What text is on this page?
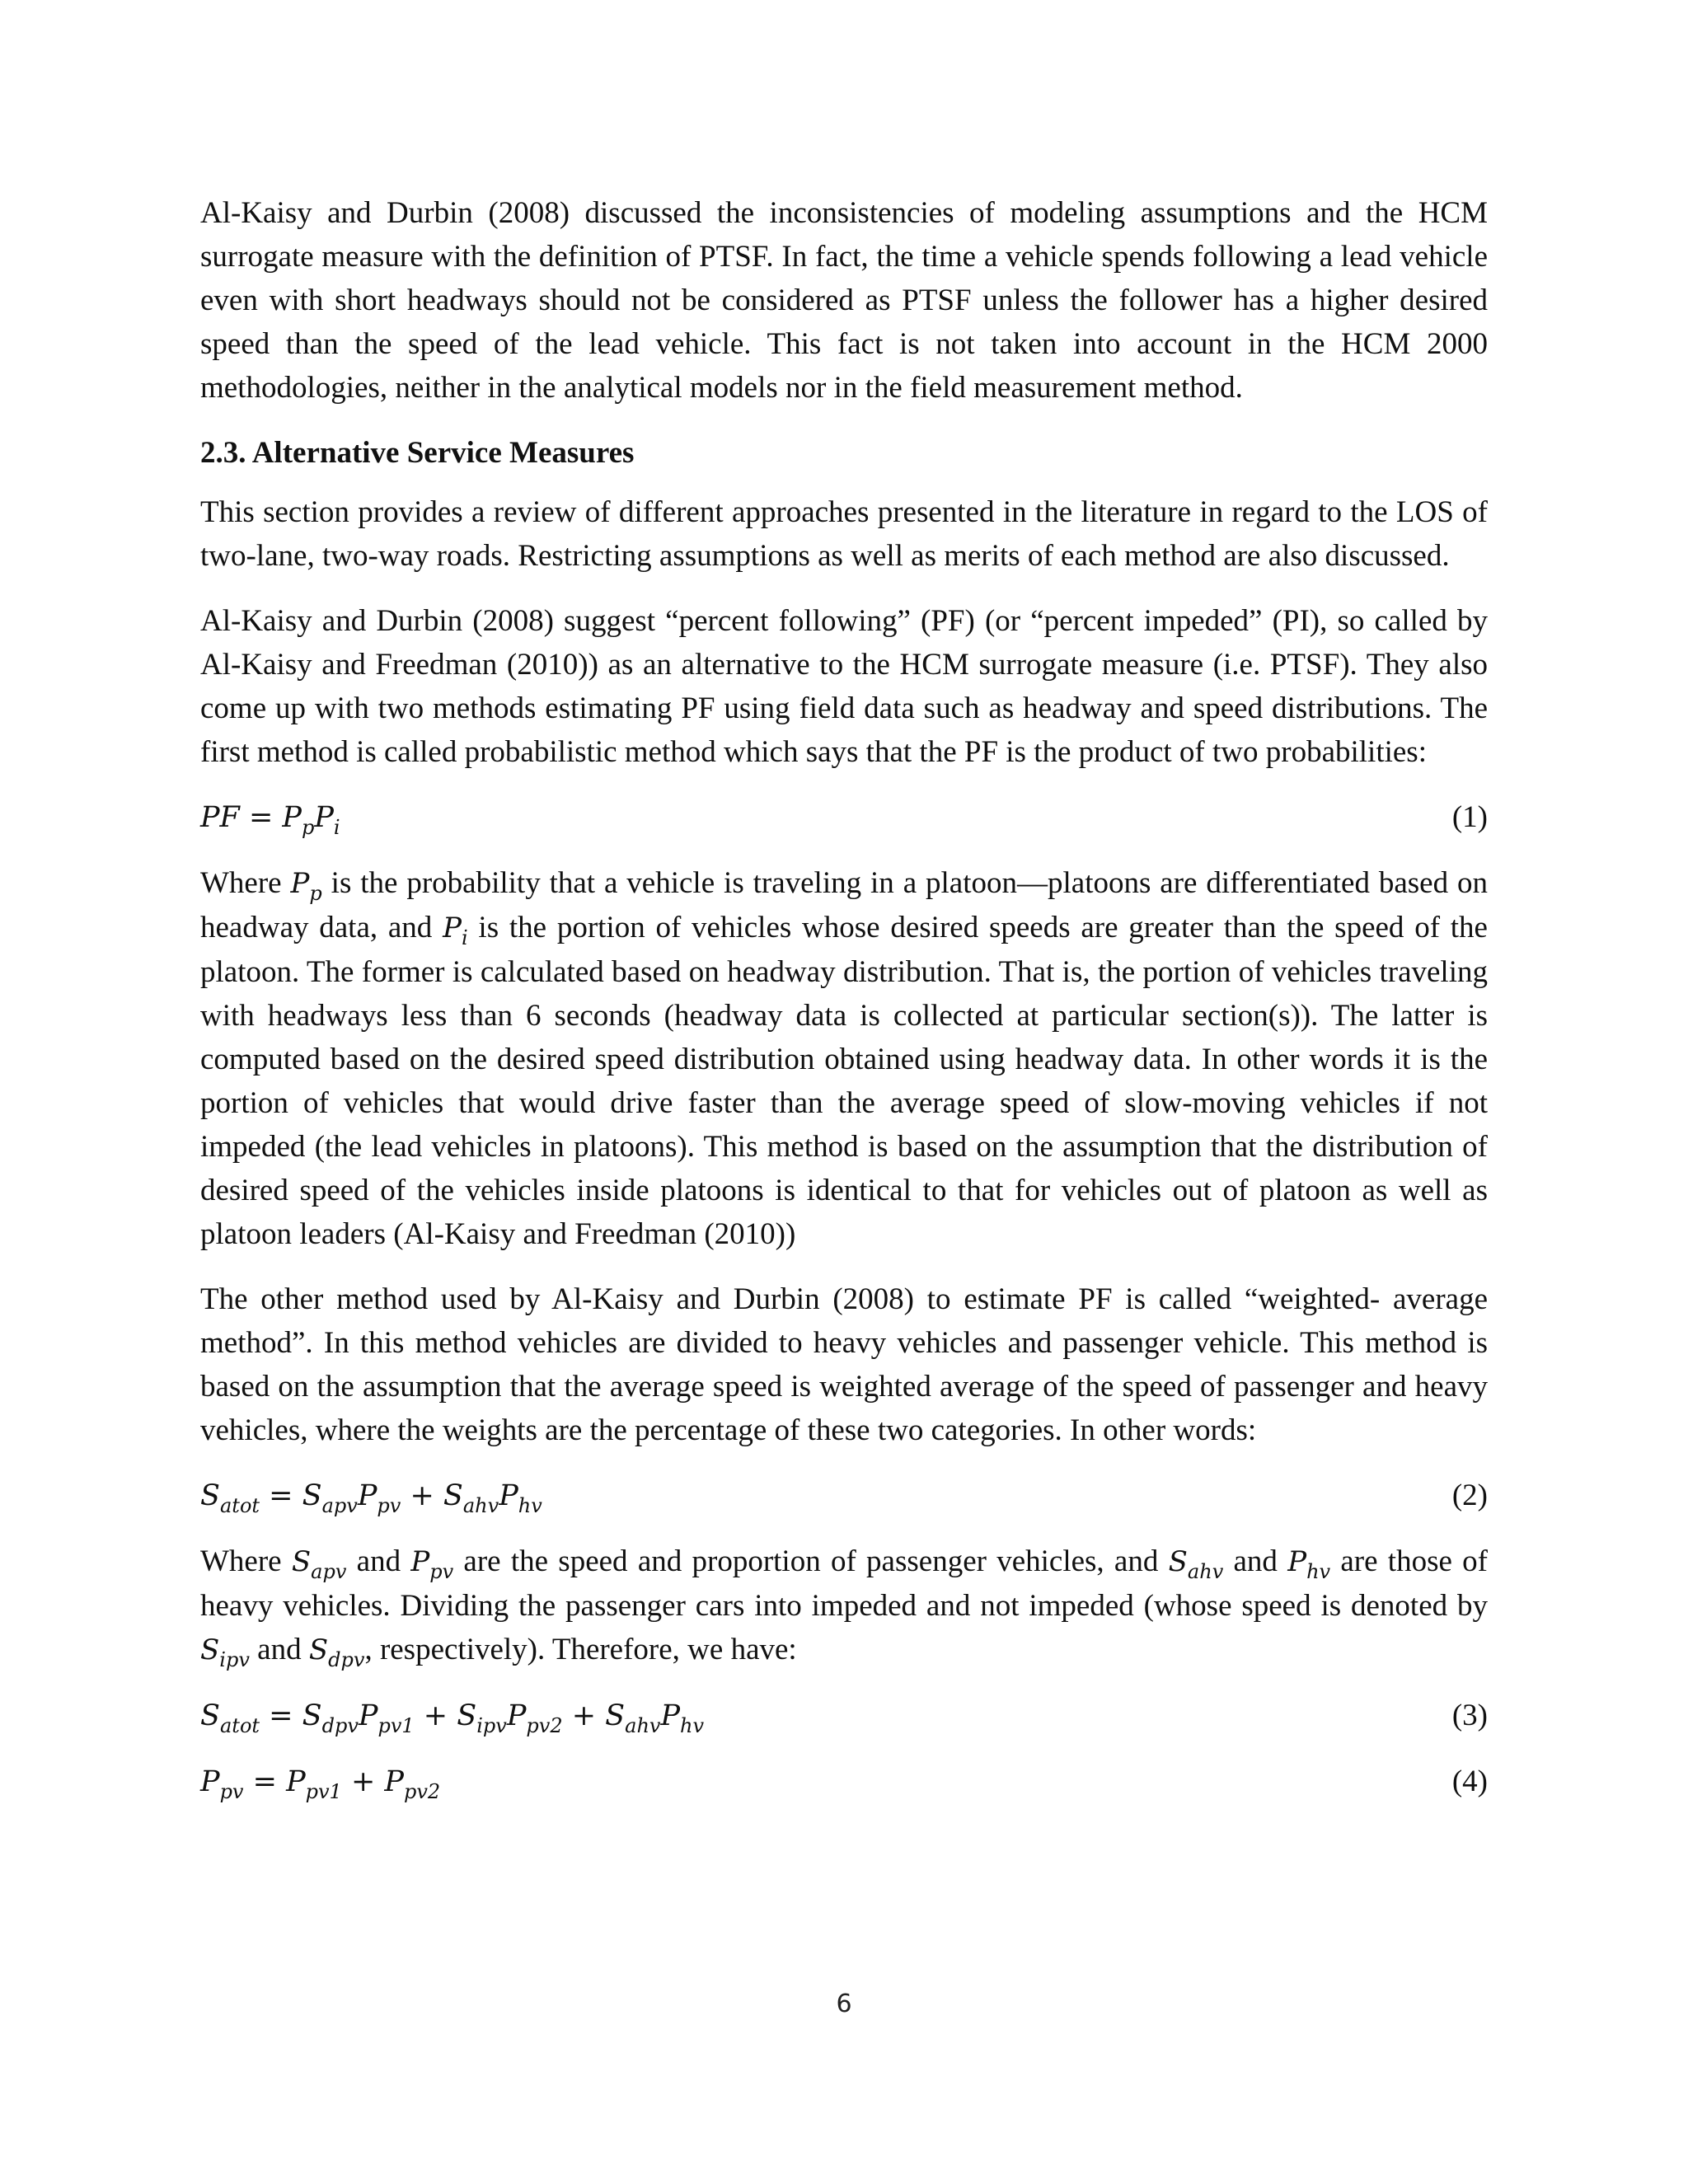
Al-Kaisy and Durbin (2008) discussed the inconsistencies of modeling assumptions and the HCM surrogate measure with the definition of PTSF. In fact, the time a vehicle spends following a lead vehicle even with short headways should not be considered as PTSF unless the follower has a higher desired speed than the speed of the lead vehicle. This fact is not taken into account in the HCM 2000 methodologies, neither in the analytical models nor in the field measurement method.

2.3. Alternative Service Measures

This section provides a review of different approaches presented in the literature in regard to the LOS of two-lane, two-way roads. Restricting assumptions as well as merits of each method are also discussed.

Al-Kaisy and Durbin (2008) suggest “percent following” (PF) (or “percent impeded” (PI), so called by Al-Kaisy and Freedman (2010)) as an alternative to the HCM surrogate measure (i.e. PTSF). They also come up with two methods estimating PF using field data such as headway and speed distributions. The first method is called probabilistic method which says that the PF is the product of two probabilities:

PF = $P_pP_i$	(1)

Where $P_p$ is the probability that a vehicle is traveling in a platoon—platoons are differentiated based on headway data, and $P_i$ is the portion of vehicles whose desired speeds are greater than the speed of the platoon. The former is calculated based on headway distribution. That is, the portion of vehicles traveling with headways less than 6 seconds (headway data is collected at particular section(s)). The latter is computed based on the desired speed distribution obtained using headway data. In other words it is the portion of vehicles that would drive faster than the average speed of slow-moving vehicles if not impeded (the lead vehicles in platoons). This method is based on the assumption that the distribution of desired speed of the vehicles inside platoons is identical to that for vehicles out of platoon as well as platoon leaders (Al-Kaisy and Freedman (2010))

The other method used by Al-Kaisy and Durbin (2008) to estimate PF is called “weighted- average method”. In this method vehicles are divided to heavy vehicles and passenger vehicle. This method is based on the assumption that the average speed is weighted average of the speed of passenger and heavy vehicles, where the weights are the percentage of these two categories. In other words:

$S_{atot} = S_{apv}P_{pv} + S_{ahv}P_{hv}$	(2)

Where $S_{apv}$ and $P_{pv}$ are the speed and proportion of passenger vehicles, and $S_{ahv}$ and $P_{hv}$ are those of heavy vehicles. Dividing the passenger cars into impeded and not impeded (whose speed is denoted by $S_{ipv}$ and $S_{dpv}$, respectively). Therefore, we have:

$S_{atot} = S_{dpv}P_{pv1} + S_{ipv}P_{pv2} + S_{ahv}P_{hv}$	(3)
$P_{pv} = P_{pv1} + P_{pv2}$	(4)
6
